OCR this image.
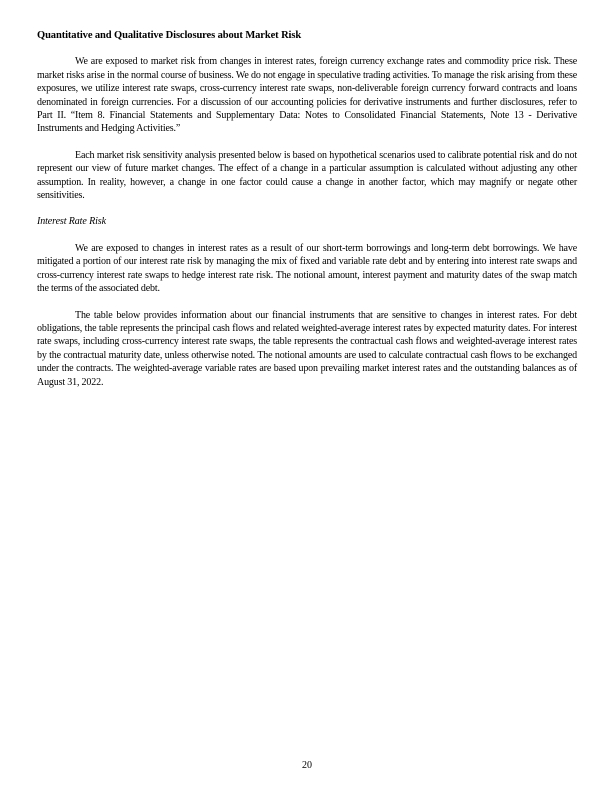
Quantitative and Qualitative Disclosures about Market Risk

We are exposed to market risk from changes in interest rates, foreign currency exchange rates and commodity price risk. These market risks arise in the normal course of business. We do not engage in speculative trading activities. To manage the risk arising from these exposures, we utilize interest rate swaps, cross-currency interest rate swaps, non-deliverable foreign currency forward contracts and loans denominated in foreign currencies. For a discussion of our accounting policies for derivative instruments and further disclosures, refer to Part II. “Item 8. Financial Statements and Supplementary Data: Notes to Consolidated Financial Statements, Note 13 - Derivative Instruments and Hedging Activities.”

Each market risk sensitivity analysis presented below is based on hypothetical scenarios used to calibrate potential risk and do not represent our view of future market changes. The effect of a change in a particular assumption is calculated without adjusting any other assumption. In reality, however, a change in one factor could cause a change in another factor, which may magnify or negate other sensitivities.

Interest Rate Risk

We are exposed to changes in interest rates as a result of our short-term borrowings and long-term debt borrowings. We have mitigated a portion of our interest rate risk by managing the mix of fixed and variable rate debt and by entering into interest rate swaps and cross-currency interest rate swaps to hedge interest rate risk. The notional amount, interest payment and maturity dates of the swap match the terms of the associated debt.

The table below provides information about our financial instruments that are sensitive to changes in interest rates. For debt obligations, the table represents the principal cash flows and related weighted-average interest rates by expected maturity dates. For interest rate swaps, including cross-currency interest rate swaps, the table represents the contractual cash flows and weighted-average interest rates by the contractual maturity date, unless otherwise noted. The notional amounts are used to calculate contractual cash flows to be exchanged under the contracts. The weighted-average variable rates are based upon prevailing market interest rates and the outstanding balances as of August 31, 2022.

20
